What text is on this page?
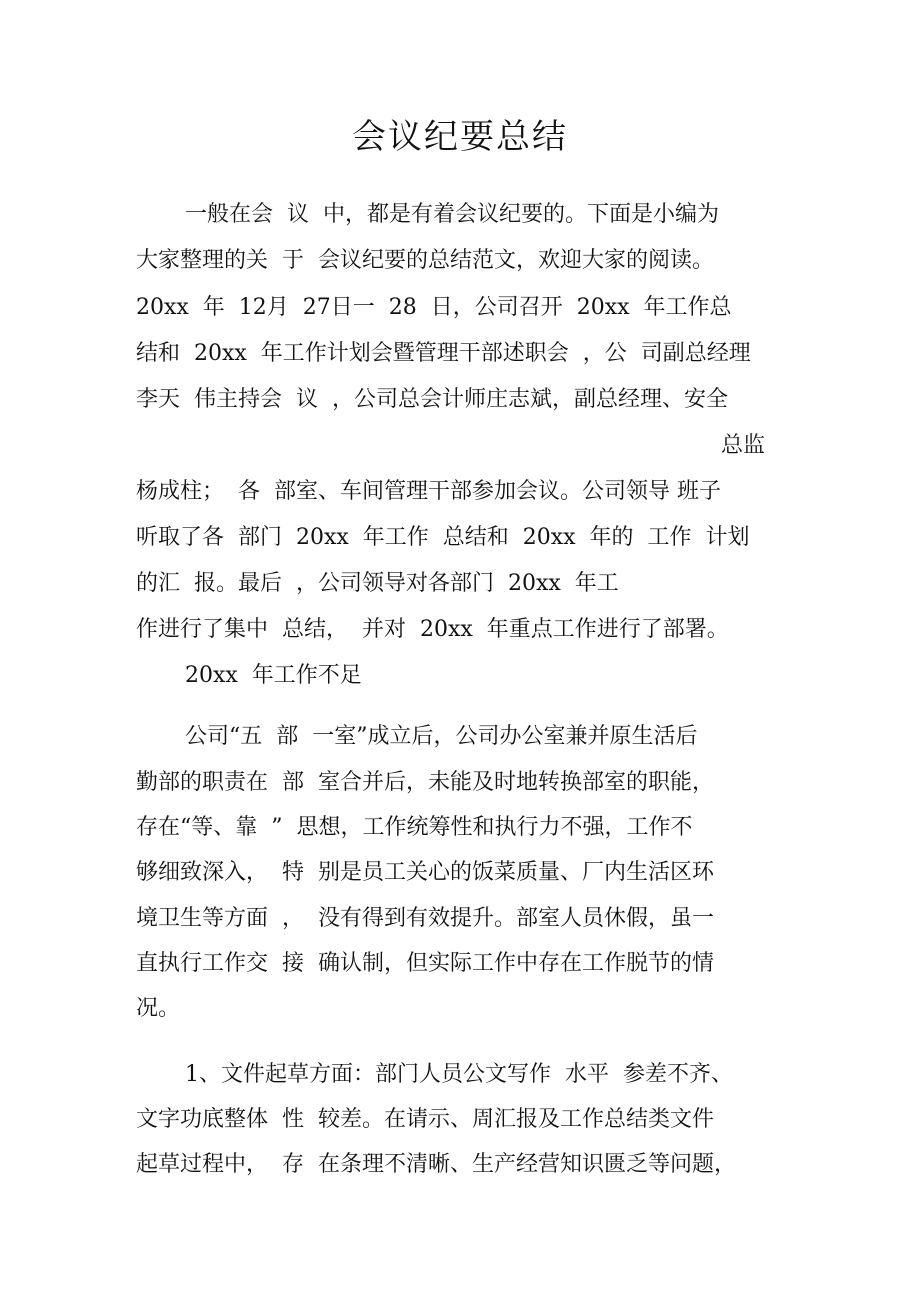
会议纪要总结
一般在会  议  中，都是有着会议纪要的。下面是小编为
大家整理的关  于  会议纪要的总结范文，欢迎大家的阅读。
20xx  年  12月  27日一  28  日，公司召开  20xx  年工作总
结和  20xx  年工作计划会暨管理干部述职会  ，公  司副总经理
李天  伟主持会  议  ，公司总会计师庄志斌，副总经理、安全
总监
杨成柱；  各  部室、车间管理干部参加会议。公司领导 班子
听取了各  部门  20xx  年工作  总结和  20xx  年的  工作  计划
的汇  报。最后  ，公司领导对各部门  20xx  年工
作进行了集中  总结，  并对  20xx  年重点工作进行了部署。
20xx  年工作不足
公司“五  部  一室”成立后，公司办公室兼并原生活后
勤部的职责在  部  室合并后，未能及时地转换部室的职能，
存在“等、靠  ”  思想，工作统筹性和执行力不强，工作不
够细致深入，  特  别是员工关心的饭菜质量、厂内生活区环
境卫生等方面  ，  没有得到有效提升。部室人员休假，虽一
直执行工作交  接  确认制，但实际工作中存在工作脱节的情
况。
1、文件起草方面：部门人员公文写作  水平  参差不齐、
文字功底整体  性  较差。在请示、周汇报及工作总结类文件
起草过程中，  存  在条理不清晰、生产经营知识匮乏等问题，
